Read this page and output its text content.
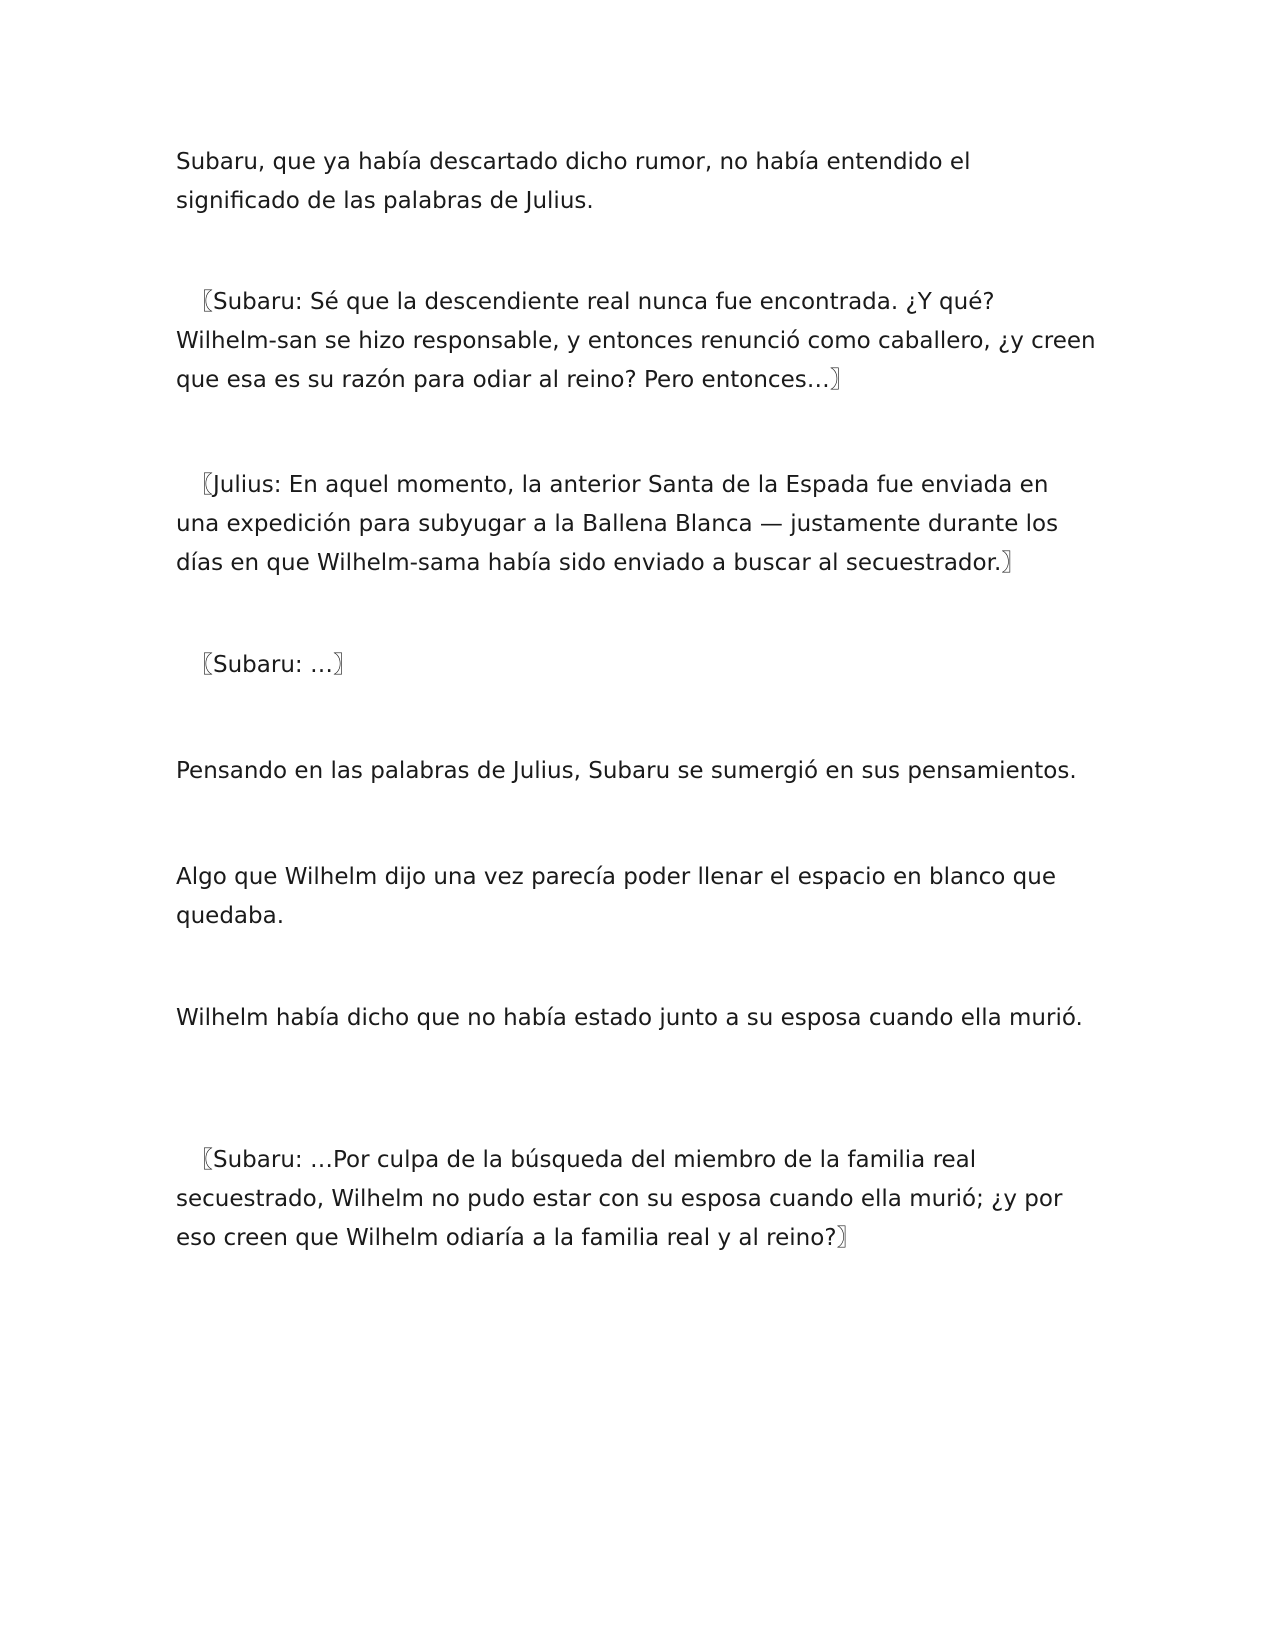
Subaru, que ya había descartado dicho rumor, no había entendido el significado de las palabras de Julius.

〖Subaru: Sé que la descendiente real nunca fue encontrada. ¿Y qué? Wilhelm-san se hizo responsable, y entonces renunció como caballero, ¿y creen que esa es su razón para odiar al reino? Pero entonces…〗

〖Julius: En aquel momento, la anterior Santa de la Espada fue enviada en una expedición para subyugar a la Ballena Blanca — justamente durante los días en que Wilhelm-sama había sido enviado a buscar al secuestrador.〗

〖Subaru: …〗

Pensando en las palabras de Julius, Subaru se sumergió en sus pensamientos.

Algo que Wilhelm dijo una vez parecía poder llenar el espacio en blanco que quedaba.

Wilhelm había dicho que no había estado junto a su esposa cuando ella murió.

〖Subaru: …Por culpa de la búsqueda del miembro de la familia real secuestrado, Wilhelm no pudo estar con su esposa cuando ella murió; ¿y por eso creen que Wilhelm odiaría a la familia real y al reino?〗
